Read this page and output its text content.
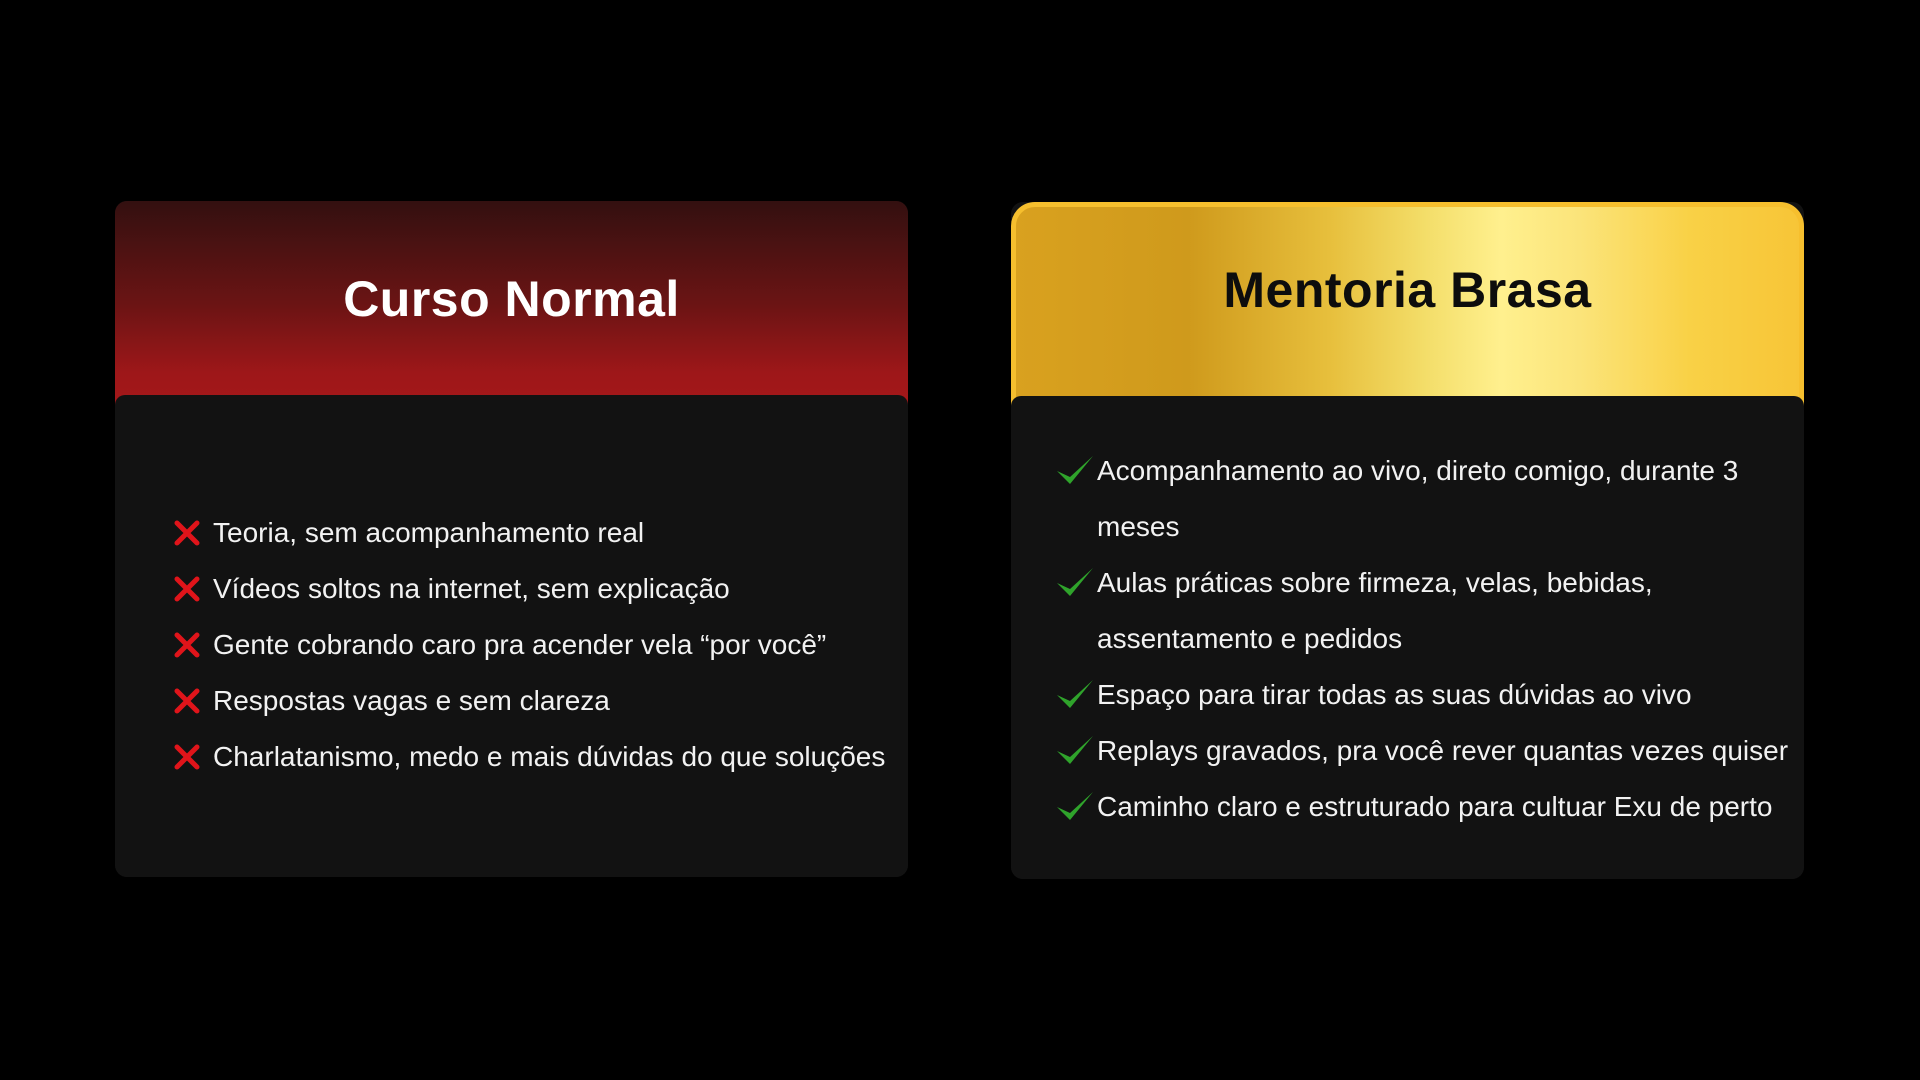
Curso Normal
Teoria, sem acompanhamento real
Vídeos soltos na internet, sem explicação
Gente cobrando caro pra acender vela “por você”
Respostas vagas e sem clareza
Charlatanismo, medo e mais dúvidas do que soluções
Mentoria Brasa
Acompanhamento ao vivo, direto comigo, durante 3 meses
Aulas práticas sobre firmeza, velas, bebidas, assentamento e pedidos
Espaço para tirar todas as suas dúvidas ao vivo
Replays gravados, pra você rever quantas vezes quiser
Caminho claro e estruturado para cultuar Exu de perto
